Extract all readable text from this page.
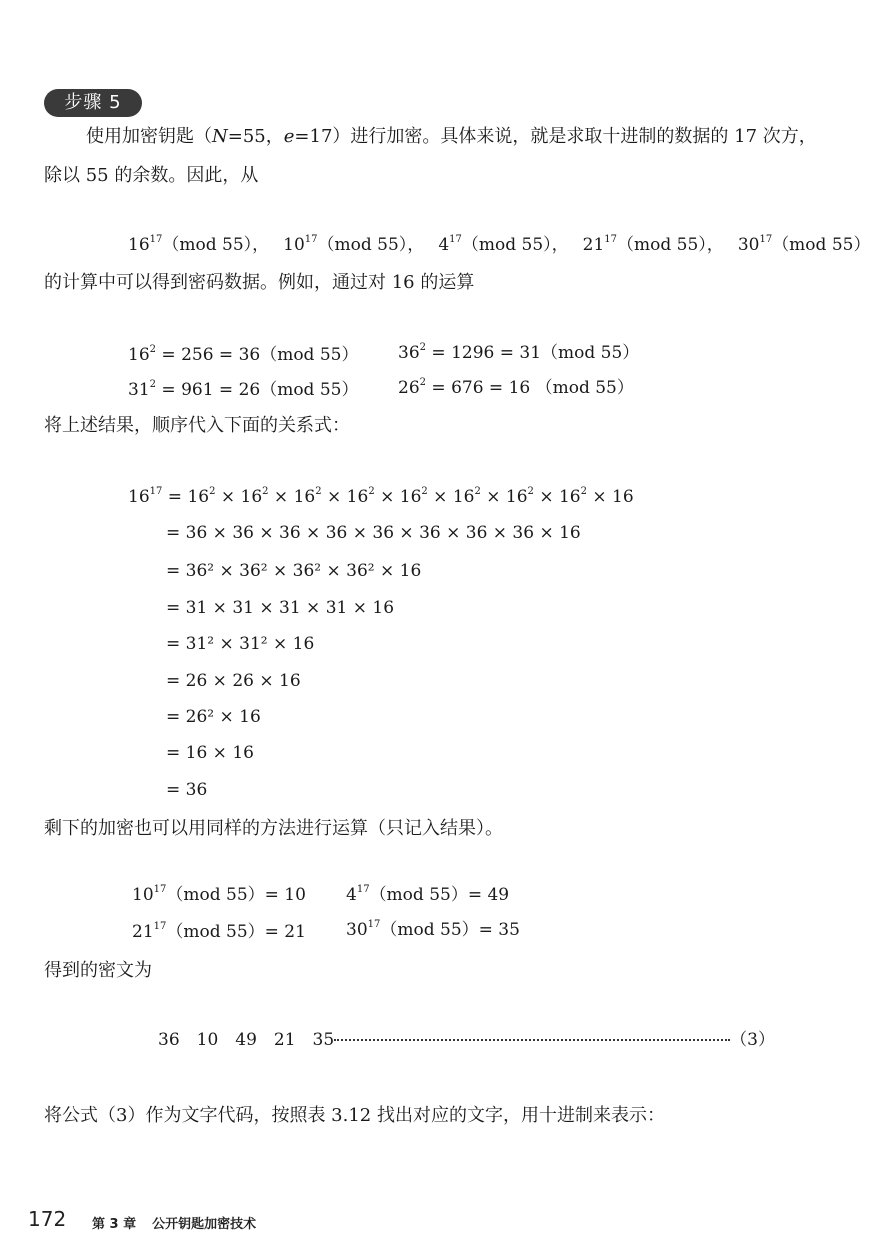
步骤 5
使用加密钥匙（N=55，e=17）进行加密。具体来说，就是求取十进制的数据的 17 次方，
除以 55 的余数。因此，从
$16^{17}(mod$ 55）， $10^{17}(mod$ 55）， $4^{17}(mod$ 55）， $21^{17}(mod$ 55）， $30^{17}(mod$ 55）
的计算中可以得到密码数据。例如，通过对 16 的运算
$16^2 = 256 = 36(mod$ 55） $36^2 = 1296 = 31(mod$ 55）
$31^2 = 961 = 26(mod$ 55） $26^2 = 676 = 16$ （mod 55）
将上述结果，顺序代入下面的关系式：
$16^{17} = 16^2 \times 16^2 \times 16^2 \times 16^2 \times 16^2 \times 16^2 \times 16^2 \times 16^2 \times 16$
= 36 × 36 × 36 × 36 × 36 × 36 × 36 × 36 × 16
= 36² × 36² × 36² × 36² × 16
= 31 × 31 × 31 × 31 × 16
= 31² × 31² × 16
= 26 × 26 × 16
= 26² × 16
= 16 × 16
= 36
剩下的加密也可以用同样的方法进行运算（只记入结果）。
$10^{17}(mod$ 55）= 10 $4^{17}(mod$ 55）= 49
$21^{17}(mod$ 55）= 21 $30^{17}(mod$ 55）= 35
得到的密文为
36　10　49　21　35	（3）
将公式（3）作为文字代码，按照表 3.12 找出对应的文字，用十进制来表示：
172 第 3 章 公开钥匙加密技术
